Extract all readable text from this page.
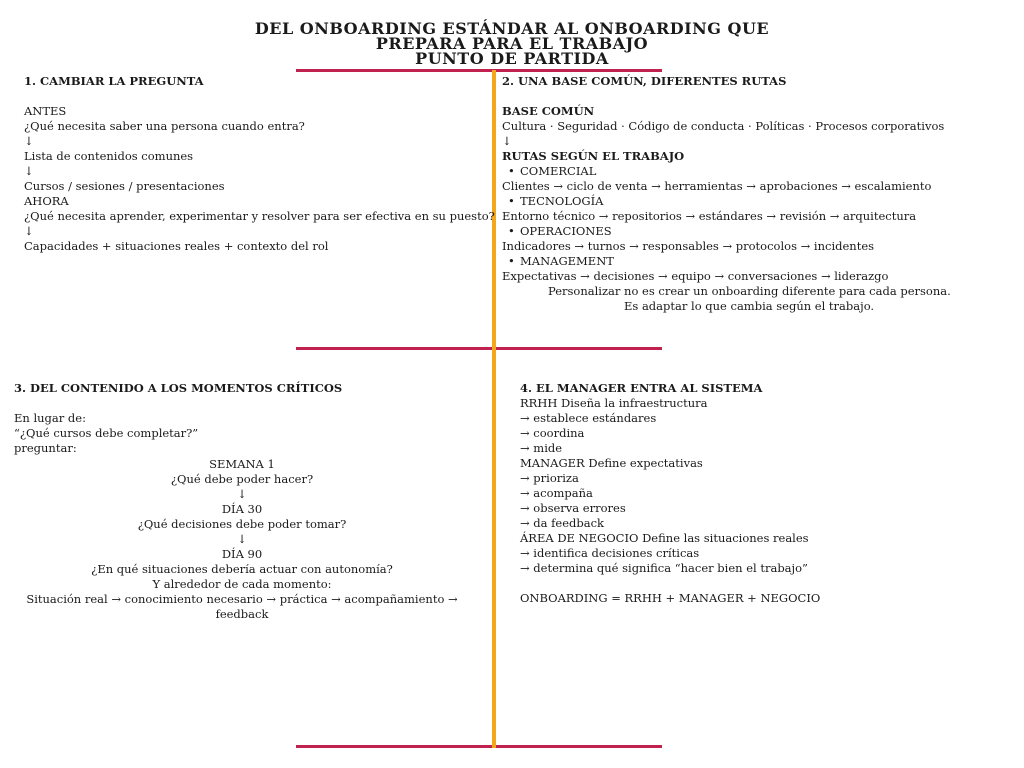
DEL ONBOARDING ESTÁNDAR AL ONBOARDING QUE
PREPARA PARA EL TRABAJO
PUNTO DE PARTIDA
1. CAMBIAR LA PREGUNTA
ANTES
¿Qué necesita saber una persona cuando entra?
↓
Lista de contenidos comunes
↓
Cursos / sesiones / presentaciones
AHORA
¿Qué necesita aprender, experimentar y resolver para ser efectiva en su puesto?
↓
Capacidades + situaciones reales + contexto del rol
2. UNA BASE COMÚN, DIFERENTES RUTAS
BASE COMÚN
Cultura · Seguridad · Código de conducta · Políticas · Procesos corporativos
↓
RUTAS SEGÚN EL TRABAJO
• COMERCIAL
Clientes → ciclo de venta → herramientas → aprobaciones → escalamiento
• TECNOLOGÍA
Entorno técnico → repositorios → estándares → revisión → arquitectura
• OPERACIONES
Indicadores → turnos → responsables → protocolos → incidentes
• MANAGEMENT
Expectativas → decisiones → equipo → conversaciones → liderazgo
Personalizar no es crear un onboarding diferente para cada persona.
Es adaptar lo que cambia según el trabajo.
3. DEL CONTENIDO A LOS MOMENTOS CRÍTICOS
En lugar de:
“¿Qué cursos debe completar?”
preguntar:
SEMANA 1
¿Qué debe poder hacer?
↓
DÍA 30
¿Qué decisiones debe poder tomar?
↓
DÍA 90
¿En qué situaciones debería actuar con autonomía?
Y alrededor de cada momento:
Situación real → conocimiento necesario → práctica → acompañamiento →
feedback
4. EL MANAGER ENTRA AL SISTEMA
RRHH Diseña la infraestructura
→ establece estándares
→ coordina
→ mide
MANAGER Define expectativas
→ prioriza
→ acompaña
→ observa errores
→ da feedback
ÁREA DE NEGOCIO Define las situaciones reales
→ identifica decisiones críticas
→ determina qué significa “hacer bien el trabajo”
ONBOARDING = RRHH + MANAGER + NEGOCIO
